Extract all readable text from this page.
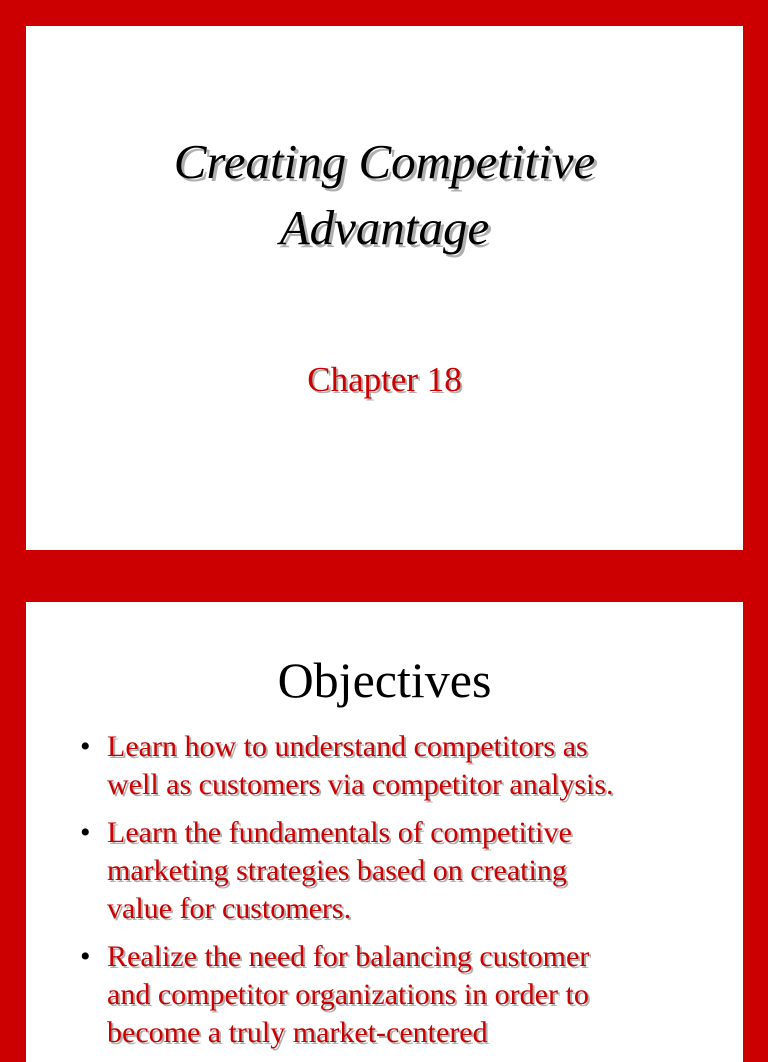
Creating Competitive
Advantage
Chapter 18
Objectives
• Learn how to understand competitors as
well as customers via competitor analysis.
• Learn the fundamentals of competitive
marketing strategies based on creating
value for customers.
• Realize the need for balancing customer
and competitor organizations in order to
become a truly market-centered
